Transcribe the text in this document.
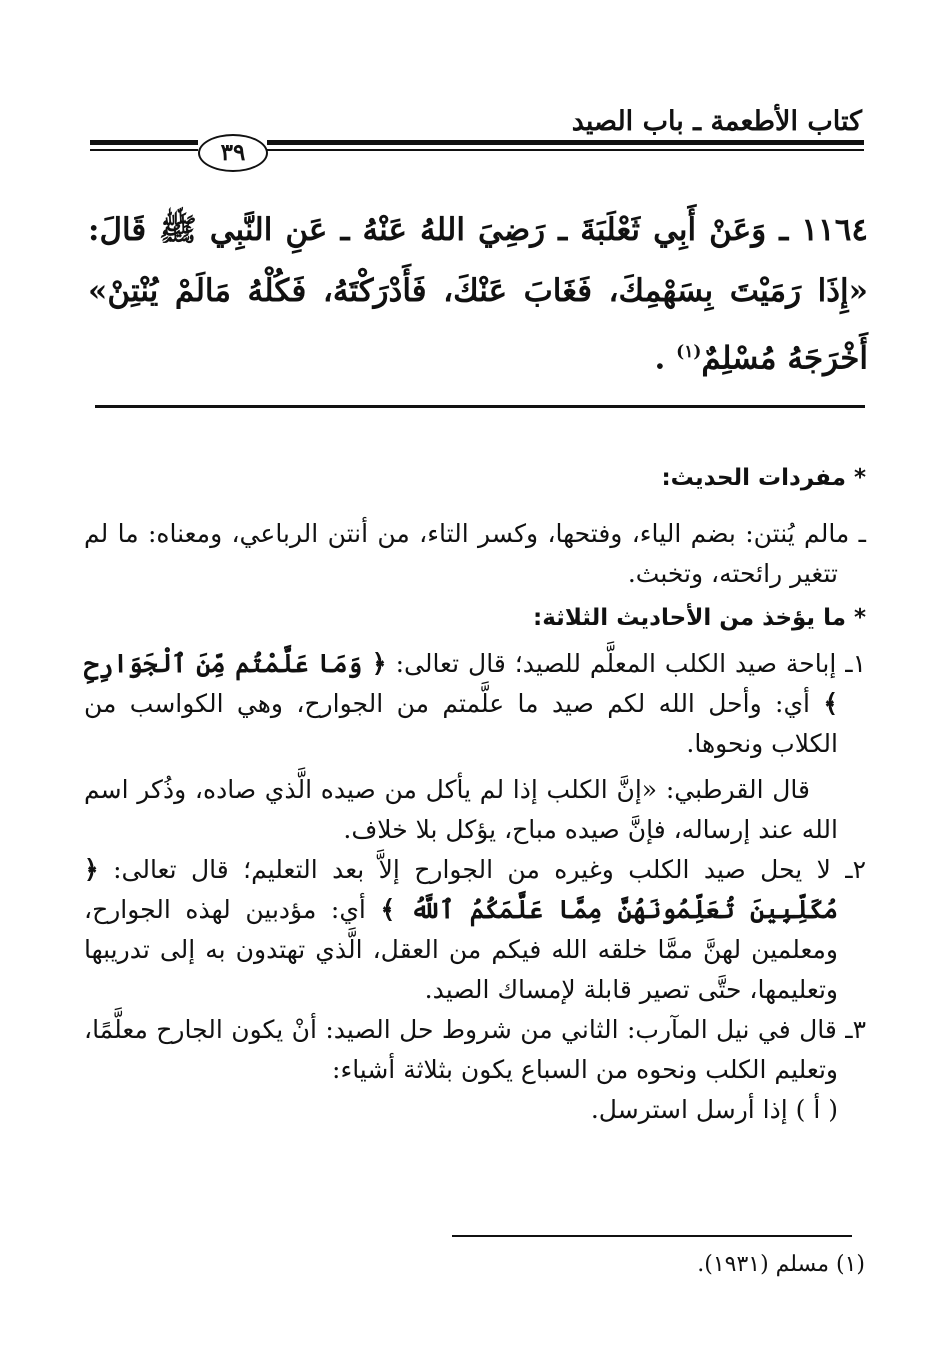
كتاب الأطعمة ـ باب الصيد
٣٩
١١٦٤ ـ وَعَنْ أَبِي ثَعْلَبَةَ ـ رَضِيَ اللهُ عَنْهُ ـ عَنِ النَّبِي ﷺ قَالَ: «إِذَا رَمَيْتَ بِسَهْمِكَ، فَغَابَ عَنْكَ، فَأَدْرَكْتَهُ، فَكُلْهُ مَالَمْ يُنْتِنْ» أَخْرَجَهُ مُسْلِمٌ$^{(١)}$ .
* مفردات الحديث:

ـ مالم يُنتن: بضم الياء، وفتحها، وكسر التاء، من أنتن الرباعي، ومعناه: ما لم تتغير رائحته، وتخبث.

* ما يؤخذ من الأحاديث الثلاثة:

١ـ إباحة صيد الكلب المعلَّم للصيد؛ قال تعالى: ﴿ وَمَا عَلَّمْتُم مِّنَ ٱلْجَوَارِحِ ﴾ أي: وأحل الله لكم صيد ما علَّمتم من الجوارح، وهي الكواسب من الكلاب ونحوها.

قال القرطبي: «إنَّ الكلب إذا لم يأكل من صيده الَّذي صاده، وذُكر اسم الله عند إرساله، فإنَّ صيده مباح، يؤكل بلا خلاف.

٢ـ لا يحل صيد الكلب وغيره من الجوارح إلاَّ بعد التعليم؛ قال تعالى: ﴿ مُكَلِّبِينَ تُعَلِّمُونَهُنَّ مِمَّا عَلَّمَكُمُ ٱللَّهُ ﴾ أي: مؤدبين لهذه الجوارح، ومعلمين لهنَّ ممَّا خلقه الله فيكم من العقل، الَّذي تهتدون به إلى تدريبها وتعليمها، حتَّى تصير قابلة لإمساك الصيد.

٣ـ قال في نيل المآرب: الثاني من شروط حل الصيد: أنْ يكون الجارح معلَّمًا، وتعليم الكلب ونحوه من السباع يكون بثلاثة أشياء:

( أ ) إذا أرسل استرسل.

(١) مسلم (١٩٣١).
